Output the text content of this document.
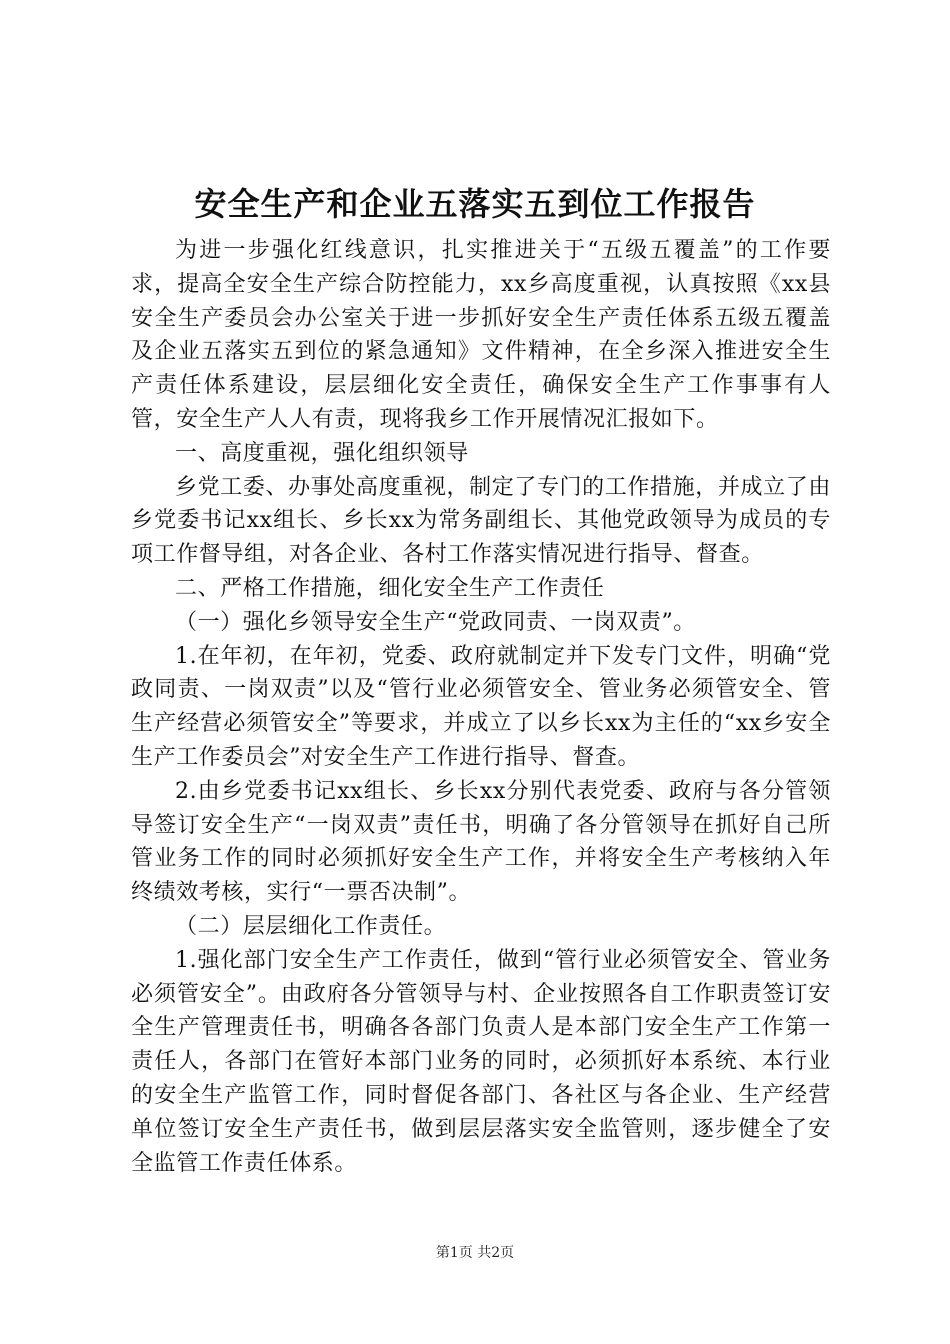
安全生产和企业五落实五到位工作报告

为进一步强化红线意识，扎实推进关于“五级五覆盖”的工作要求，提高全安全生产综合防控能力，xx乡高度重视，认真按照《xx县安全生产委员会办公室关于进一步抓好安全生产责任体系五级五覆盖及企业五落实五到位的紧急通知》文件精神，在全乡深入推进安全生产责任体系建设，层层细化安全责任，确保安全生产工作事事有人管，安全生产人人有责，现将我乡工作开展情况汇报如下。

一、高度重视，强化组织领导

乡党工委、办事处高度重视，制定了专门的工作措施，并成立了由乡党委书记xx组长、乡长xx为常务副组长、其他党政领导为成员的专项工作督导组，对各企业、各村工作落实情况进行指导、督查。

二、严格工作措施，细化安全生产工作责任

（一）强化乡领导安全生产“党政同责、一岗双责”。

1.在年初，在年初，党委、政府就制定并下发专门文件，明确“党政同责、一岗双责”以及“管行业必须管安全、管业务必须管安全、管生产经营必须管安全”等要求，并成立了以乡长xx为主任的“xx乡安全生产工作委员会”对安全生产工作进行指导、督查。

2.由乡党委书记xx组长、乡长xx分别代表党委、政府与各分管领导签订安全生产“一岗双责”责任书，明确了各分管领导在抓好自己所管业务工作的同时必须抓好安全生产工作，并将安全生产考核纳入年终绩效考核，实行“一票否决制”。

（二）层层细化工作责任。

1.强化部门安全生产工作责任，做到“管行业必须管安全、管业务必须管安全”。由政府各分管领导与村、企业按照各自工作职责签订安全生产管理责任书，明确各各部门负责人是本部门安全生产工作第一责任人，各部门在管好本部门业务的同时，必须抓好本系统、本行业的安全生产监管工作，同时督促各部门、各社区与各企业、生产经营单位签订安全生产责任书，做到层层落实安全监管则，逐步健全了安全监管工作责任体系。

第1页 共2页
